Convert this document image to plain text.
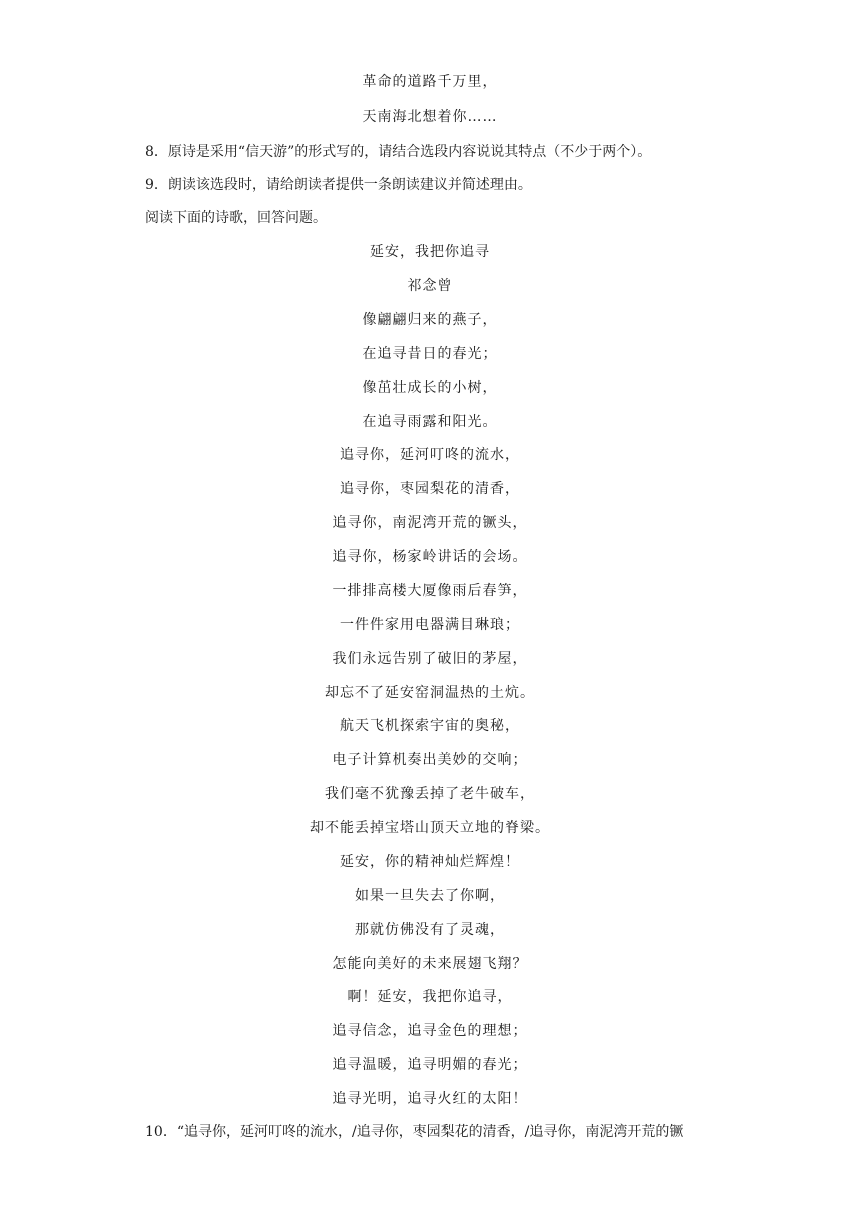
革命的道路千万里，
天南海北想着你……
8．原诗是采用“信天游”的形式写的，请结合选段内容说说其特点（不少于两个）。
9．朗读该选段时，请给朗读者提供一条朗读建议并简述理由。
阅读下面的诗歌，回答问题。
延安，我把你追寻
祁念曾
像翩翩归来的燕子，
在追寻昔日的春光；
像茁壮成长的小树，
在追寻雨露和阳光。
追寻你，延河叮咚的流水，
追寻你，枣园梨花的清香，
追寻你，南泥湾开荒的镢头，
追寻你，杨家岭讲话的会场。
一排排高楼大厦像雨后春笋，
一件件家用电器满目琳琅；
我们永远告别了破旧的茅屋，
却忘不了延安窑洞温热的土炕。
航天飞机探索宇宙的奥秘，
电子计算机奏出美妙的交响；
我们毫不犹豫丢掉了老牛破车，
却不能丢掉宝塔山顶天立地的脊梁。
延安，你的精神灿烂辉煌！
如果一旦失去了你啊，
那就仿佛没有了灵魂，
怎能向美好的未来展翅飞翔？
啊！延安，我把你追寻，
追寻信念，追寻金色的理想；
追寻温暖，追寻明媚的春光；
追寻光明，追寻火红的太阳！
10．“追寻你，延河叮咚的流水，/追寻你，枣园梨花的清香，/追寻你，南泥湾开荒的镢
